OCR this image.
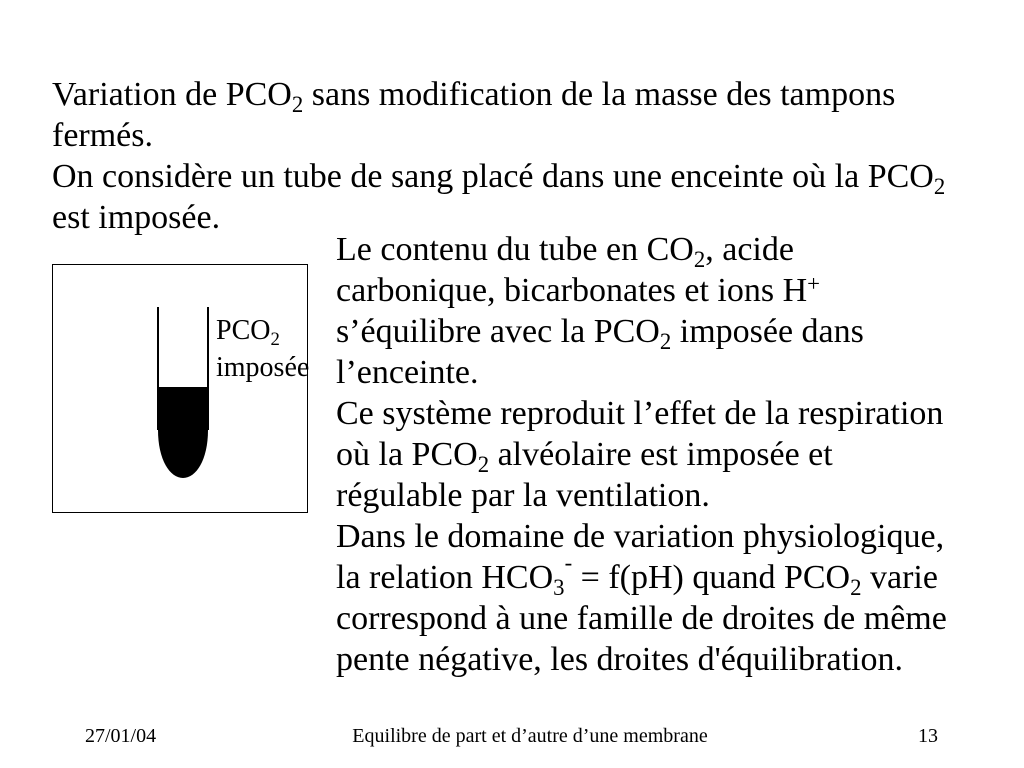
Variation de $PCO_2$ sans modification de la masse des tampons
fermés.
On considère un tube de sang placé dans une enceinte où la $PCO_2$
est imposée.
Le contenu du tube en $CO_2$, acide
carbonique, bicarbonates et ions H+
s’équilibre avec la $PCO_2$ imposée dans
l’enceinte.
Ce système reproduit l’effet de la respiration
où la $PCO_2$ alvéolaire est imposée et
régulable par la ventilation.
Dans le domaine de variation physiologique,
la relation $HCO_3^- = f(pH)$ quand $PCO_2$ varie
correspond à une famille de droites de même
pente négative, les droites d'équilibration.
$PCO_2$
imposée
27/01/04	Equilibre de part et d’autre d’une membrane	13
